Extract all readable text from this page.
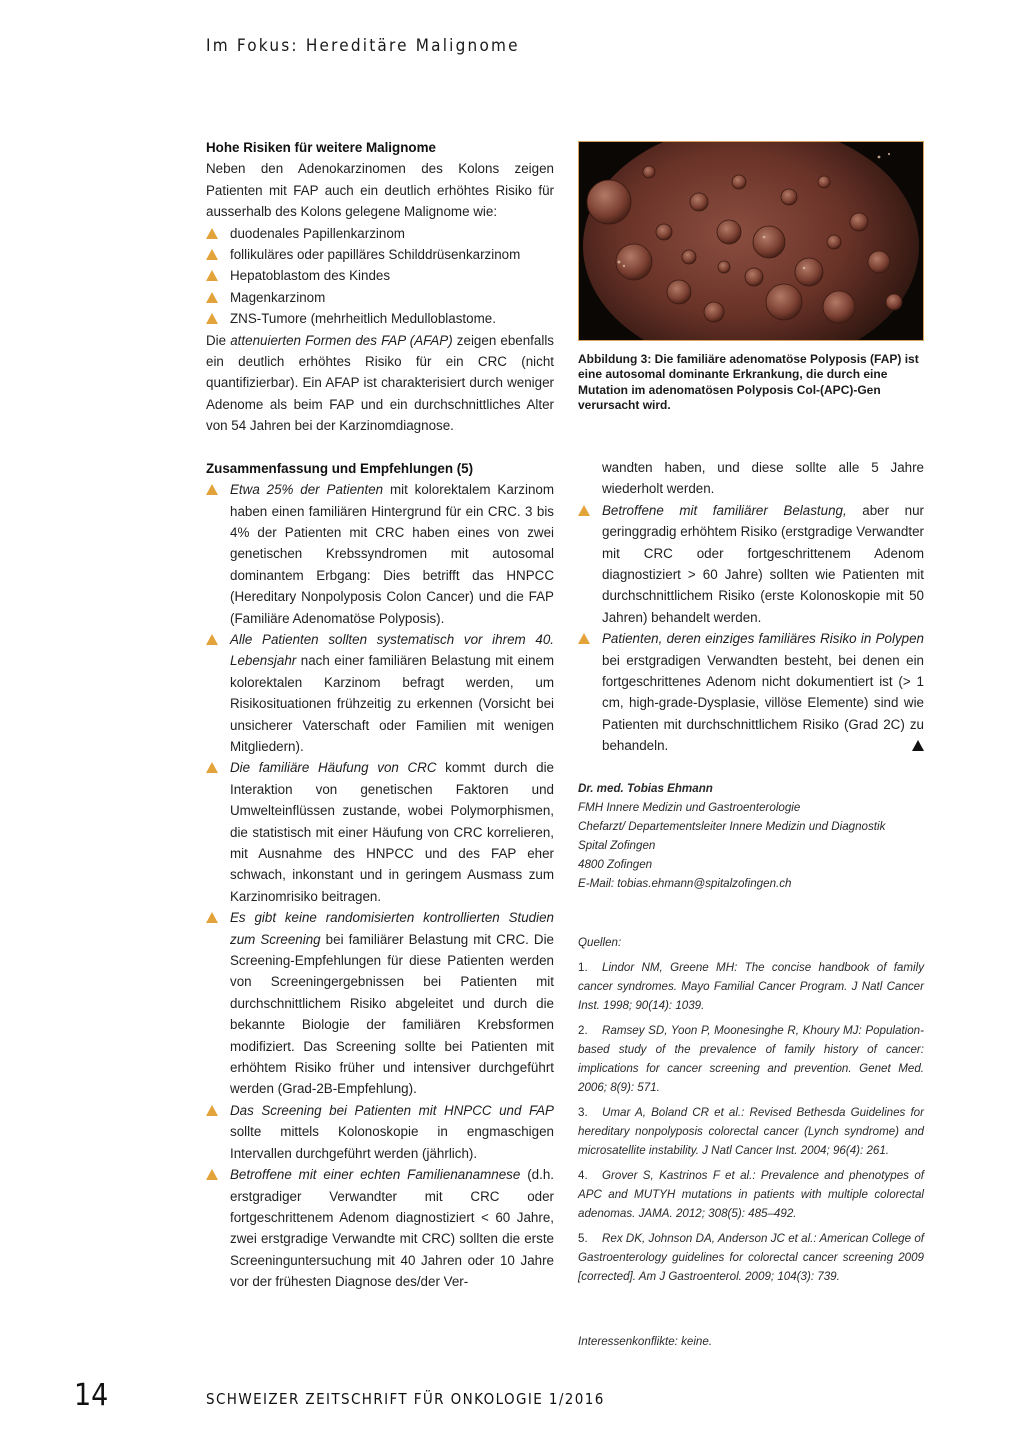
Im Fokus: Hereditäre Malignome
Hohe Risiken für weitere Malignome

Neben den Adenokarzinomen des Kolons zeigen Patienten mit FAP auch ein deutlich erhöhtes Risiko für ausserhalb des Kolons gelegene Malignome wie:

duodenales Papillenkarzinom
follikuläres oder papilläres Schilddrüsenkarzinom
Hepatoblastom des Kindes
Magenkarzinom
ZNS-Tumore (mehrheitlich Medulloblastome.

Die attenuierten Formen des FAP (AFAP) zeigen ebenfalls ein deutlich erhöhtes Risiko für ein CRC (nicht quantifizierbar). Ein AFAP ist charakterisiert durch weniger Adenome als beim FAP und ein durchschnittliches Alter von 54 Jahren bei der Karzinomdiagnose.

Zusammenfassung und Empfehlungen (5)
Etwa 25% der Patienten mit kolorektalem Karzinom haben einen familiären Hintergrund für ein CRC. 3 bis 4% der Patienten mit CRC haben eines von zwei genetischen Krebssyndromen mit autosomal dominantem Erbgang: Dies betrifft das HNPCC (Hereditary Nonpolyposis Colon Cancer) und die FAP (Familiäre Adenomatöse Polyposis).
Alle Patienten sollten systematisch vor ihrem 40. Lebensjahr nach einer familiären Belastung mit einem kolorektalen Karzinom befragt werden, um Risikosituationen frühzeitig zu erkennen (Vorsicht bei unsicherer Vaterschaft oder Familien mit wenigen Mitgliedern).
Die familiäre Häufung von CRC kommt durch die Interaktion von genetischen Faktoren und Umwelteinflüssen zustande, wobei Polymorphismen, die statistisch mit einer Häufung von CRC korrelieren, mit Ausnahme des HNPCC und des FAP eher schwach, inkonstant und in geringem Ausmass zum Karzinomrisiko beitragen.
Es gibt keine randomisierten kontrollierten Studien zum Screening bei familiärer Belastung mit CRC. Die Screening-Empfehlungen für diese Patienten werden von Screeningergebnissen bei Patienten mit durchschnittlichem Risiko abgeleitet und durch die bekannte Biologie der familiären Krebsformen modifiziert. Das Screening sollte bei Patienten mit erhöhtem Risiko früher und intensiver durchgeführt werden (Grad-2B-Empfehlung).
Das Screening bei Patienten mit HNPCC und FAP sollte mittels Kolonoskopie in engmaschigen Intervallen durchgeführt werden (jährlich).
Betroffene mit einer echten Familienanamnese (d.h. erstgradiger Verwandter mit CRC oder fortgeschrittenem Adenom diagnostiziert < 60 Jahre, zwei erstgradige Verwandte mit CRC) sollten die erste Screeninguntersuchung mit 40 Jahren oder 10 Jahre vor der frühesten Diagnose des/der Ver-
Abbildung 3: Die familiäre adenomatöse Polyposis (FAP) ist eine autosomal dominante Erkrankung, die durch eine Mutation im adenomatösen Polyposis Col-(APC)-Gen verursacht wird.
wandten haben, und diese sollte alle 5 Jahre wiederholt werden.
Betroffene mit familiärer Belastung, aber nur geringgradig erhöhtem Risiko (erstgradige Verwandter mit CRC oder fortgeschrittenem Adenom diagnostiziert > 60 Jahre) sollten wie Patienten mit durchschnittlichem Risiko (erste Kolonoskopie mit 50 Jahren) behandelt werden.
Patienten, deren einziges familiäres Risiko in Polypen bei erstgradigen Verwandten besteht, bei denen ein fortgeschrittenes Adenom nicht dokumentiert ist (> 1 cm, high-grade-Dysplasie, villöse Elemente) sind wie Patienten mit durchschnittlichem Risiko (Grad 2C) zu behandeln.
Dr. med. Tobias Ehmann
FMH Innere Medizin und Gastroenterologie
Chefarzt/ Departementsleiter Innere Medizin und Diagnostik
Spital Zofingen
4800 Zofingen
E-Mail: tobias.ehmann@spitalzofingen.ch
Quellen:
1. Lindor NM, Greene MH: The concise handbook of family cancer syndromes. Mayo Familial Cancer Program. J Natl Cancer Inst. 1998; 90(14): 1039.
2. Ramsey SD, Yoon P, Moonesinghe R, Khoury MJ: Population-based study of the prevalence of family history of cancer: implications for cancer screening and prevention. Genet Med. 2006; 8(9): 571.
3. Umar A, Boland CR et al.: Revised Bethesda Guidelines for hereditary nonpolyposis colorectal cancer (Lynch syndrome) and microsatellite instability. J Natl Cancer Inst. 2004; 96(4): 261.
4. Grover S, Kastrinos F et al.: Prevalence and phenotypes of APC and MUTYH mutations in patients with multiple colorectal adenomas. JAMA. 2012; 308(5): 485–492.
5. Rex DK, Johnson DA, Anderson JC et al.: American College of Gastroenterology guidelines for colorectal cancer screening 2009 [corrected]. Am J Gastroenterol. 2009; 104(3): 739.
Interessenkonflikte: keine.
14	SCHWEIZER ZEITSCHRIFT FÜR ONKOLOGIE 1/2016
